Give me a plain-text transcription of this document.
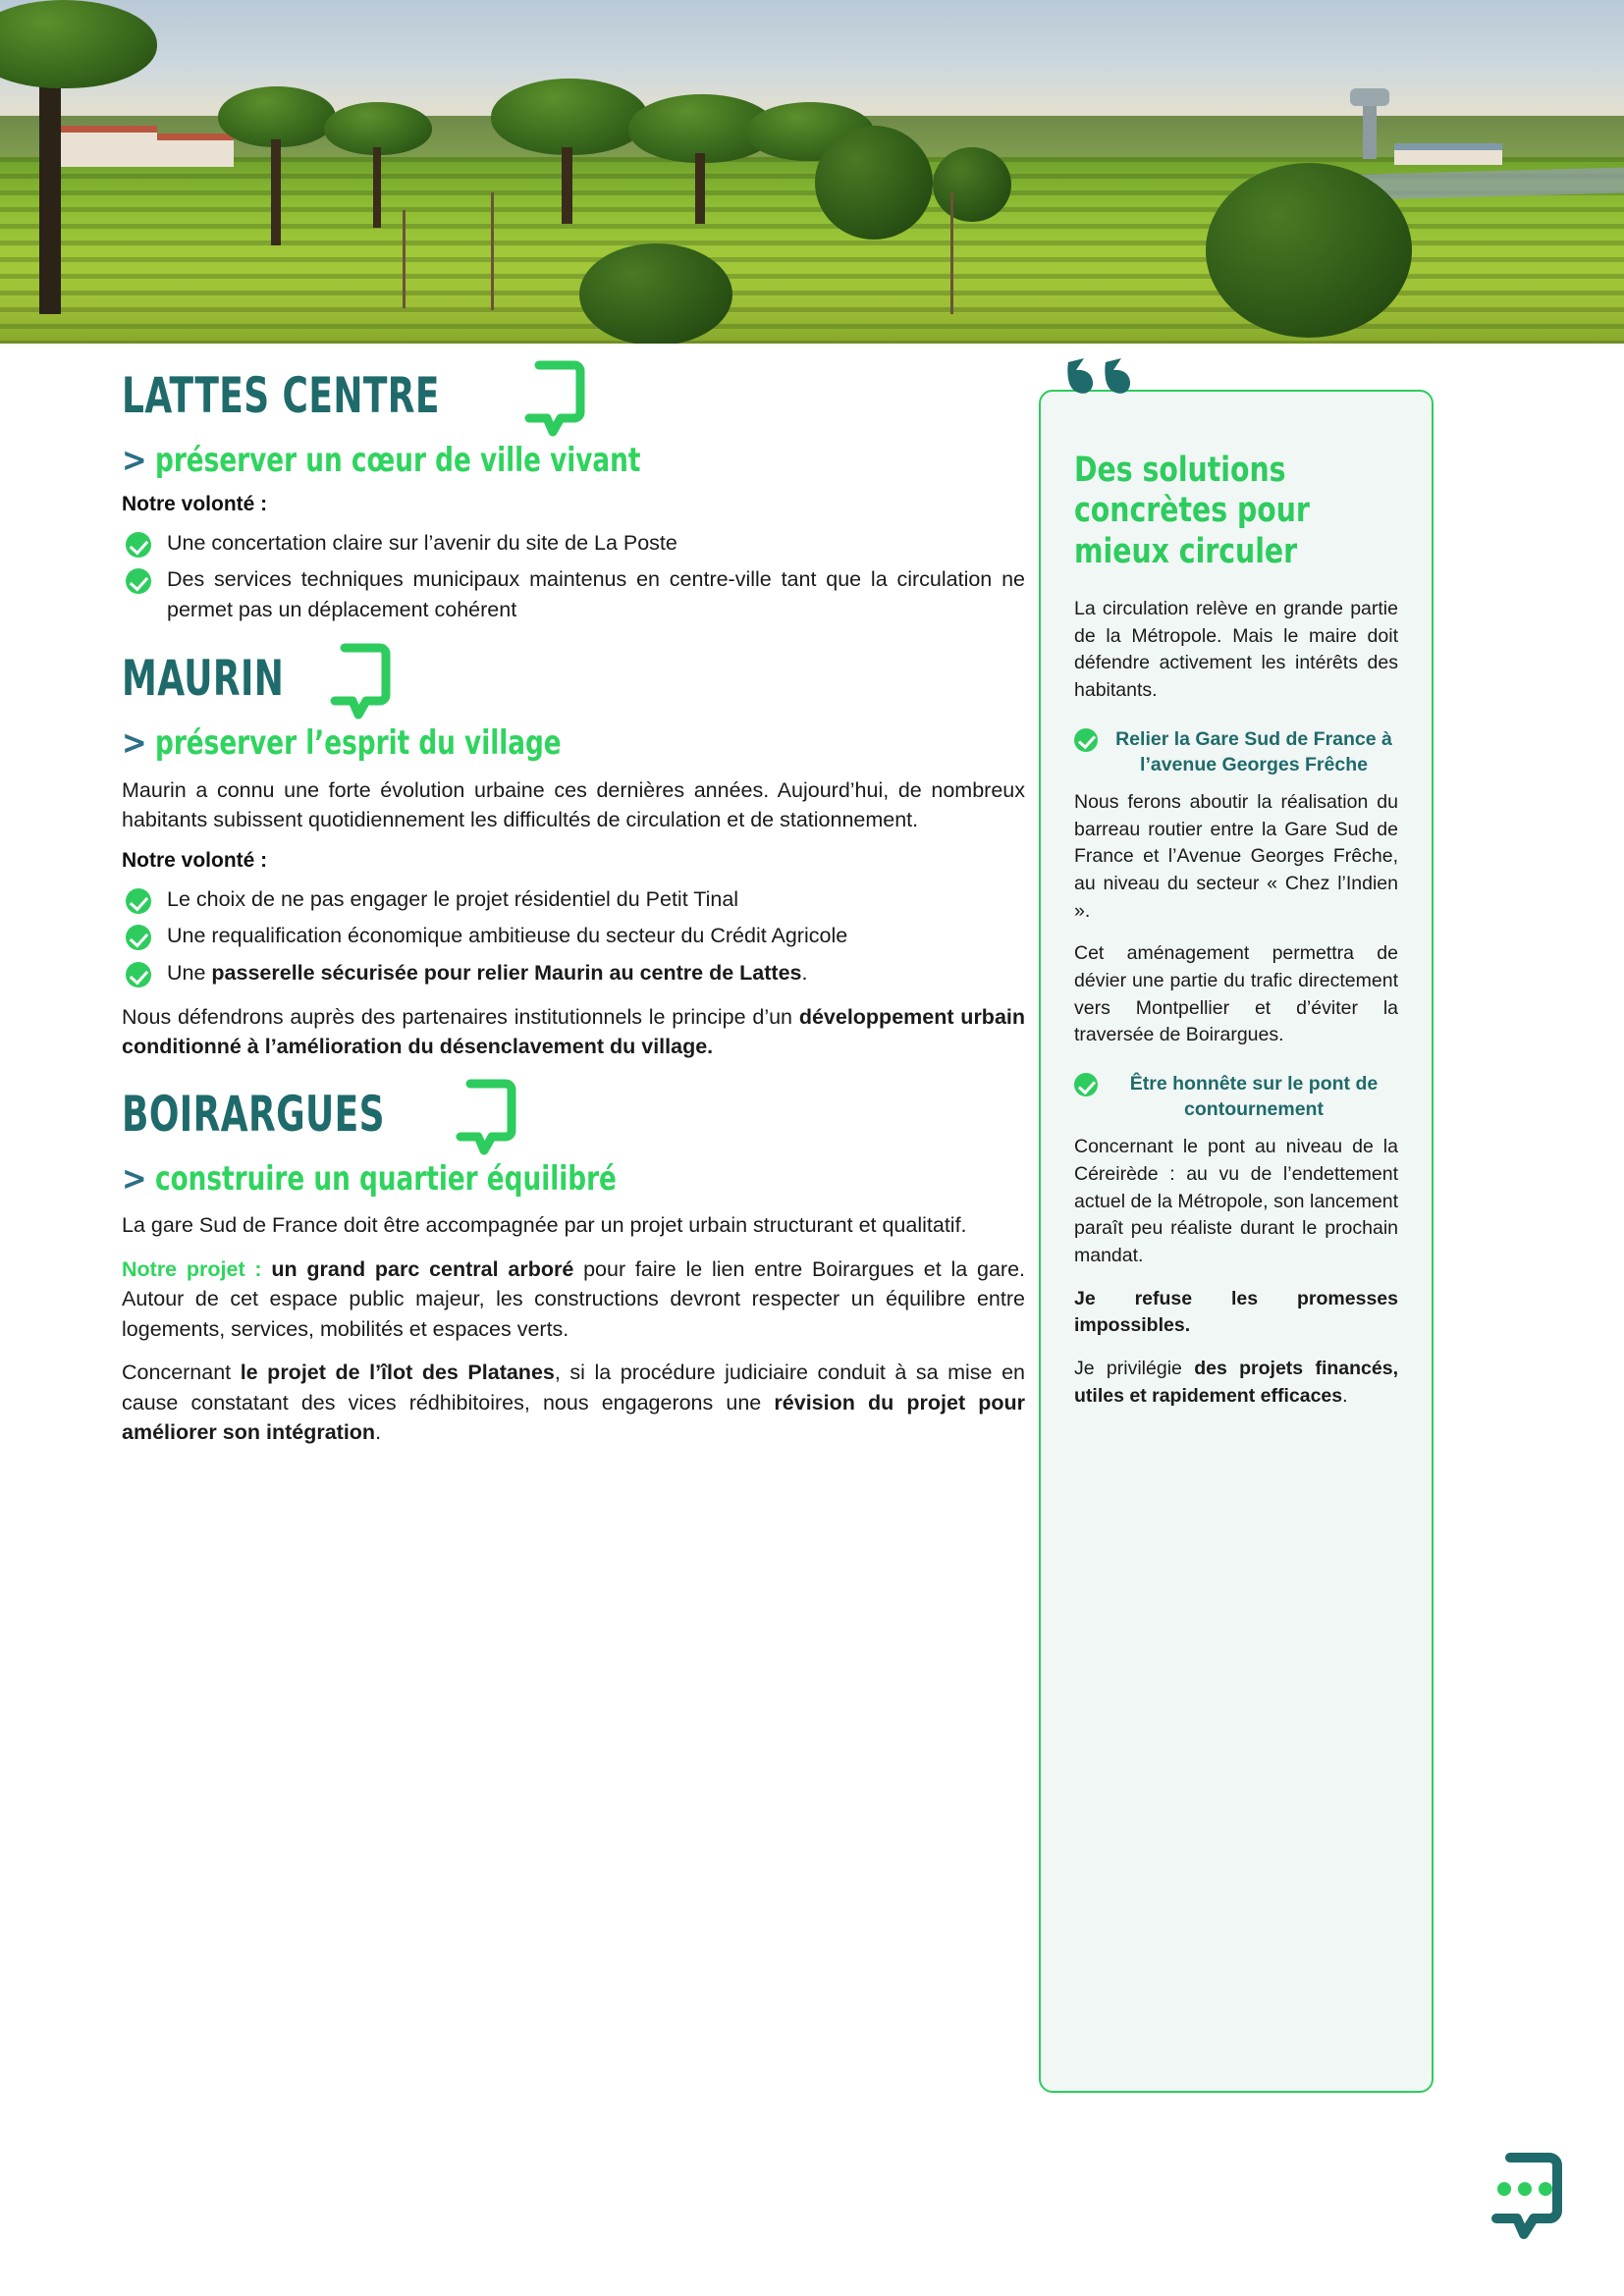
LATTES CENTRE
> préserver un cœur de ville vivant

Notre volonté :

Une concertation claire sur l’avenir du site de La Poste
Des services techniques municipaux maintenus en centre-ville tant que la circulation ne permet pas un déplacement cohérent
MAURIN
> préserver l’esprit du village

Maurin a connu une forte évolution urbaine ces dernières années. Aujourd’hui, de nombreux habitants subissent quotidiennement les difficultés de circulation et de stationnement.

Notre volonté :

Le choix de ne pas engager le projet résidentiel du Petit Tinal
Une requalification économique ambitieuse du secteur du Crédit Agricole
Une passerelle sécurisée pour relier Maurin au centre de Lattes.

Nous défendrons auprès des partenaires institutionnels le principe d’un développement urbain conditionné à l’amélioration du désenclavement du village.

BOIRARGUES
> construire un quartier équilibré

La gare Sud de France doit être accompagnée par un projet urbain structurant et qualitatif.

Notre projet : un grand parc central arboré pour faire le lien entre Boirargues et la gare. Autour de cet espace public majeur, les constructions devront respecter un équilibre entre logements, services, mobilités et espaces verts.

Concernant le projet de l’îlot des Platanes, si la procédure judiciaire conduit à sa mise en cause constatant des vices rédhibitoires, nous engagerons une révision du projet pour améliorer son intégration.

Des solutions concrètes pour mieux circuler

La circulation relève en grande partie de la Métropole. Mais le maire doit défendre activement les intérêts des habitants.

Relier la Gare Sud de France à l’avenue Georges Frêche

Nous ferons aboutir la réalisation du barreau routier entre la Gare Sud de France et l’Avenue Georges Frêche, au niveau du secteur « Chez l’Indien ».

Cet aménagement permettra de dévier une partie du trafic directement vers Montpellier et d’éviter la traversée de Boirargues.

Être honnête sur le pont de contournement

Concernant le pont au niveau de la Céreirède : au vu de l’endettement actuel de la Métropole, son lancement paraît peu réaliste durant le prochain mandat.

Je refuse les promesses impossibles.

Je privilégie des projets financés, utiles et rapidement efficaces.
